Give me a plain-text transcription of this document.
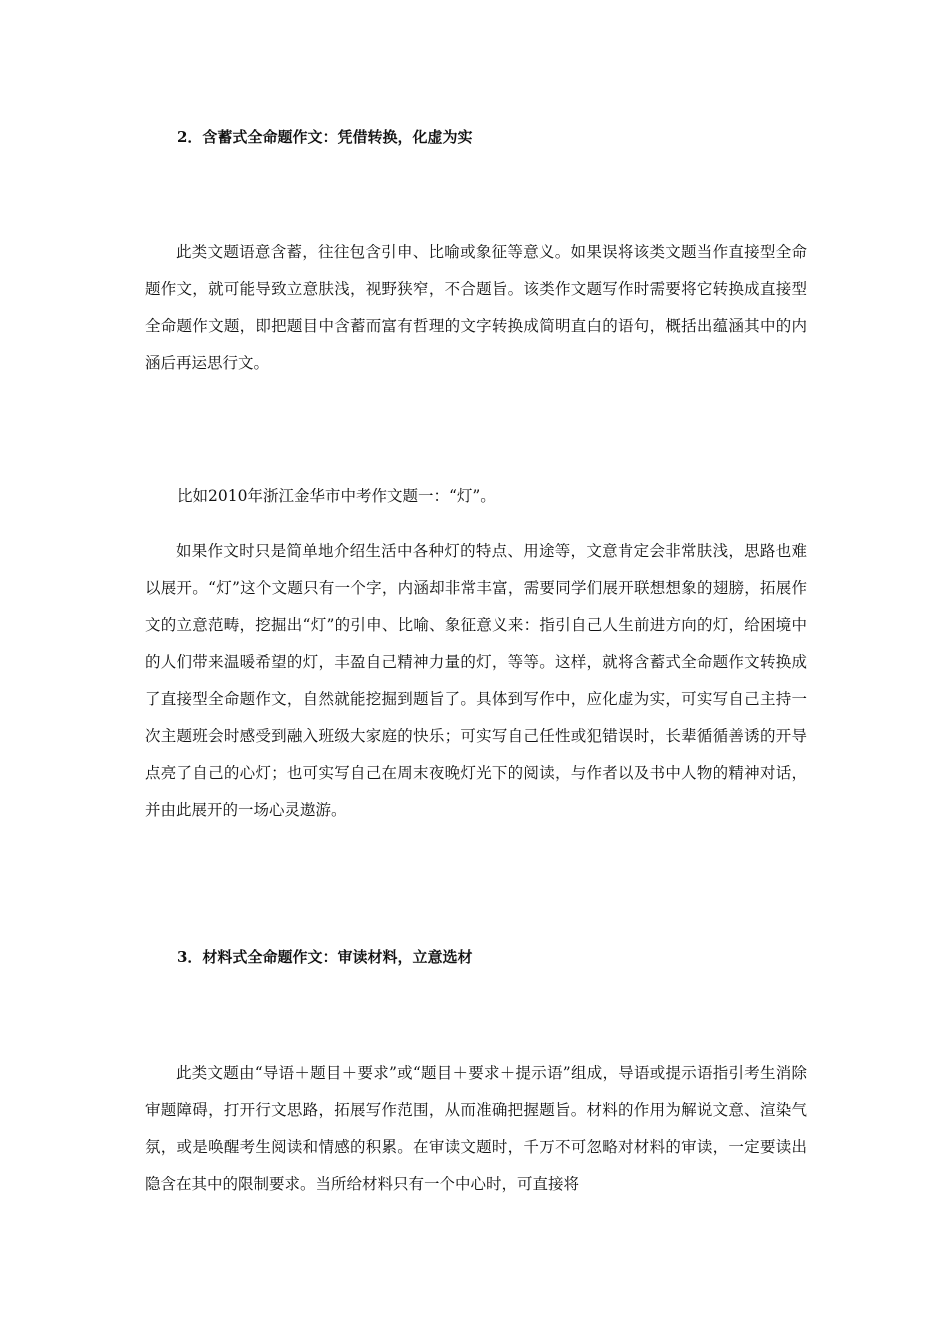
2．含蓄式全命题作文：凭借转换，化虚为实

此类文题语意含蓄，往往包含引申、比喻或象征等意义。如果误将该类文题当作直接型全命题作文，就可能导致立意肤浅，视野狭窄，不合题旨。该类作文题写作时需要将它转换成直接型全命题作文题，即把题目中含蓄而富有哲理的文字转换成简明直白的语句，概括出蕴涵其中的内涵后再运思行文。

比如2010年浙江金华市中考作文题一：“灯”。

如果作文时只是简单地介绍生活中各种灯的特点、用途等，文意肯定会非常肤浅，思路也难以展开。“灯”这个文题只有一个字，内涵却非常丰富，需要同学们展开联想想象的翅膀，拓展作文的立意范畴，挖掘出“灯”的引申、比喻、象征意义来：指引自己人生前进方向的灯，给困境中的人们带来温暖希望的灯，丰盈自己精神力量的灯，等等。这样，就将含蓄式全命题作文转换成了直接型全命题作文，自然就能挖掘到题旨了。具体到写作中，应化虚为实，可实写自己主持一次主题班会时感受到融入班级大家庭的快乐；可实写自己任性或犯错误时，长辈循循善诱的开导点亮了自己的心灯；也可实写自己在周末夜晚灯光下的阅读，与作者以及书中人物的精神对话，并由此展开的一场心灵遨游。

3．材料式全命题作文：审读材料，立意选材

此类文题由“导语＋题目＋要求”或“题目＋要求＋提示语”组成，导语或提示语指引考生消除审题障碍，打开行文思路，拓展写作范围，从而准确把握题旨。材料的作用为解说文意、渲染气氛，或是唤醒考生阅读和情感的积累。在审读文题时，千万不可忽略对材料的审读，一定要读出隐含在其中的限制要求。当所给材料只有一个中心时，可直接将
